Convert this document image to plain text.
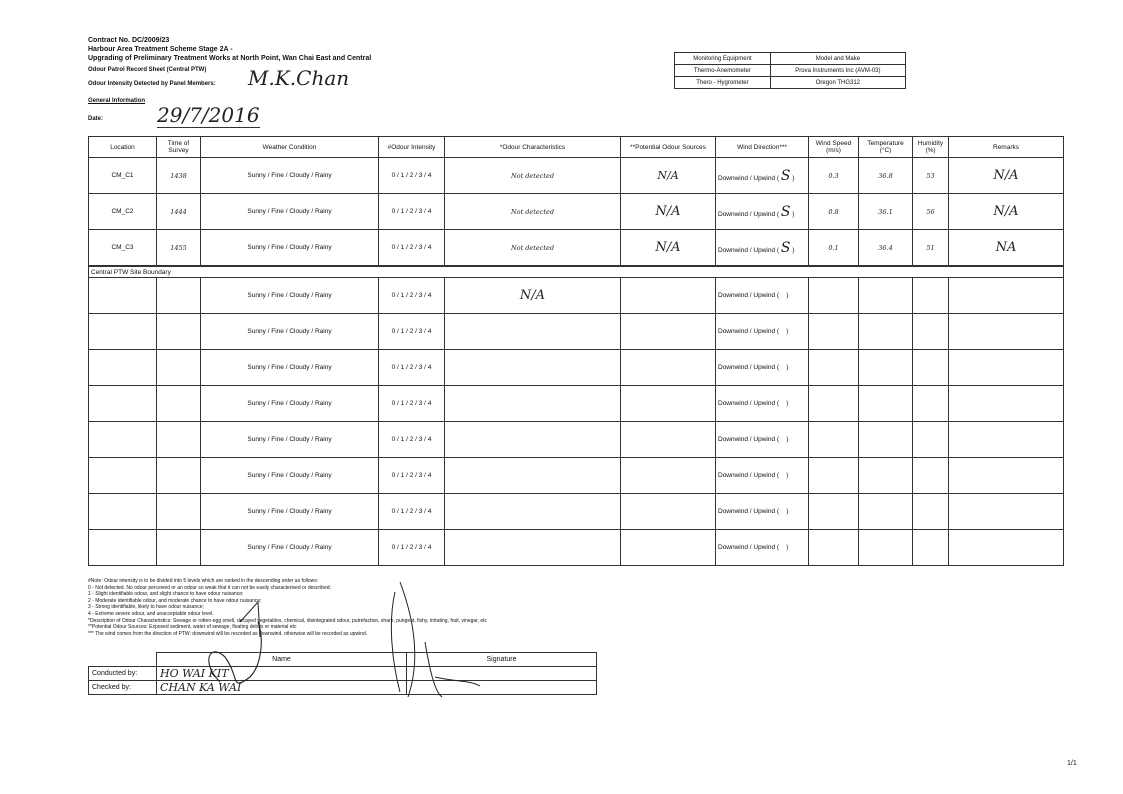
Contract No. DC/2009/23
Harbour Area Treatment Scheme Stage 2A -
Upgrading of Preliminary Treatment Works at North Point, Wan Chai East and Central
Odour Patrol Record Sheet (Central PTW)
Odour Intensity Detected by Panel Members: M.K.Chan
General Information
Date:	29/7/2016
Monitoring Equipment	Model and Make
Thermo-Anemometer	Prova Instruments Inc (AVM-03)
Thero - Hygrometer	Oregon THG312
Location	Time of Survey	Weather Condition	#Odour Intensity	*Odour Characteristics	**Potential Odour Sources	Wind Direction***	Wind Speed (m/s)	Temperature (°C)	Humidity (%)	Remarks
CM_C1	1438	Sunny / Fine / Cloudy / Rainy	0 / 1 / 2 / 3 / 4	Not detected	N/A	Downwind / Upwind ( S )	0.3	36.8	53	N/A
CM_C2	1444	Sunny / Fine / Cloudy / Rainy	0 / 1 / 2 / 3 / 4	Not detected	N/A	Downwind / Upwind ( S )	0.8	36.1	56	N/A
CM_C3	1455	Sunny / Fine / Cloudy / Rainy	0 / 1 / 2 / 3 / 4	Not detected	N/A	Downwind / Upwind ( S )	0.1	36.4	51	NA
Central PTW Site Boundary										
		Sunny / Fine / Cloudy / Rainy	0 / 1 / 2 / 3 / 4	N/A		Downwind / Upwind (    )				
		Sunny / Fine / Cloudy / Rainy	0 / 1 / 2 / 3 / 4			Downwind / Upwind (    )				
		Sunny / Fine / Cloudy / Rainy	0 / 1 / 2 / 3 / 4			Downwind / Upwind (    )				
		Sunny / Fine / Cloudy / Rainy	0 / 1 / 2 / 3 / 4			Downwind / Upwind (    )				
		Sunny / Fine / Cloudy / Rainy	0 / 1 / 2 / 3 / 4			Downwind / Upwind (    )				
		Sunny / Fine / Cloudy / Rainy	0 / 1 / 2 / 3 / 4			Downwind / Upwind (    )				
		Sunny / Fine / Cloudy / Rainy	0 / 1 / 2 / 3 / 4			Downwind / Upwind (    )				
		Sunny / Fine / Cloudy / Rainy	0 / 1 / 2 / 3 / 4			Downwind / Upwind (    )				
#Note: Odour intensity is to be divided into 5 levels which are ranked in the descending order as follows:
0 - Not detected. No odour perceived or an odour so weak that it can not be easily characterised or described;
1 - Slight identifiable odour, and slight chance to have odour nuisance;
2 - Moderate identifiable odour, and moderate chance to have odour nuisance;
3 - Strong identifiable, likely to have odour nuisance;
4 - Extreme severe odour, and unacceptable odour level.
*Description of Odour Characteristics: Sewage or rotten-egg smell, decayed vegetables, chemical, disintegrated odour, putrefaction, sharp, pungent, fishy, irritating, fruit, vinegar, etc
**Potential Odour Sources: Exposed sediment, water of sewage, floating debris or material etc
*** The wind comes from the direction of PTW: downwind will be recorded as downwind, otherwise will be recorded as upwind.
	Name	Signature
Conducted by:	HO WAI KIT	
Checked by:	CHAN KA WAI	
1/1
